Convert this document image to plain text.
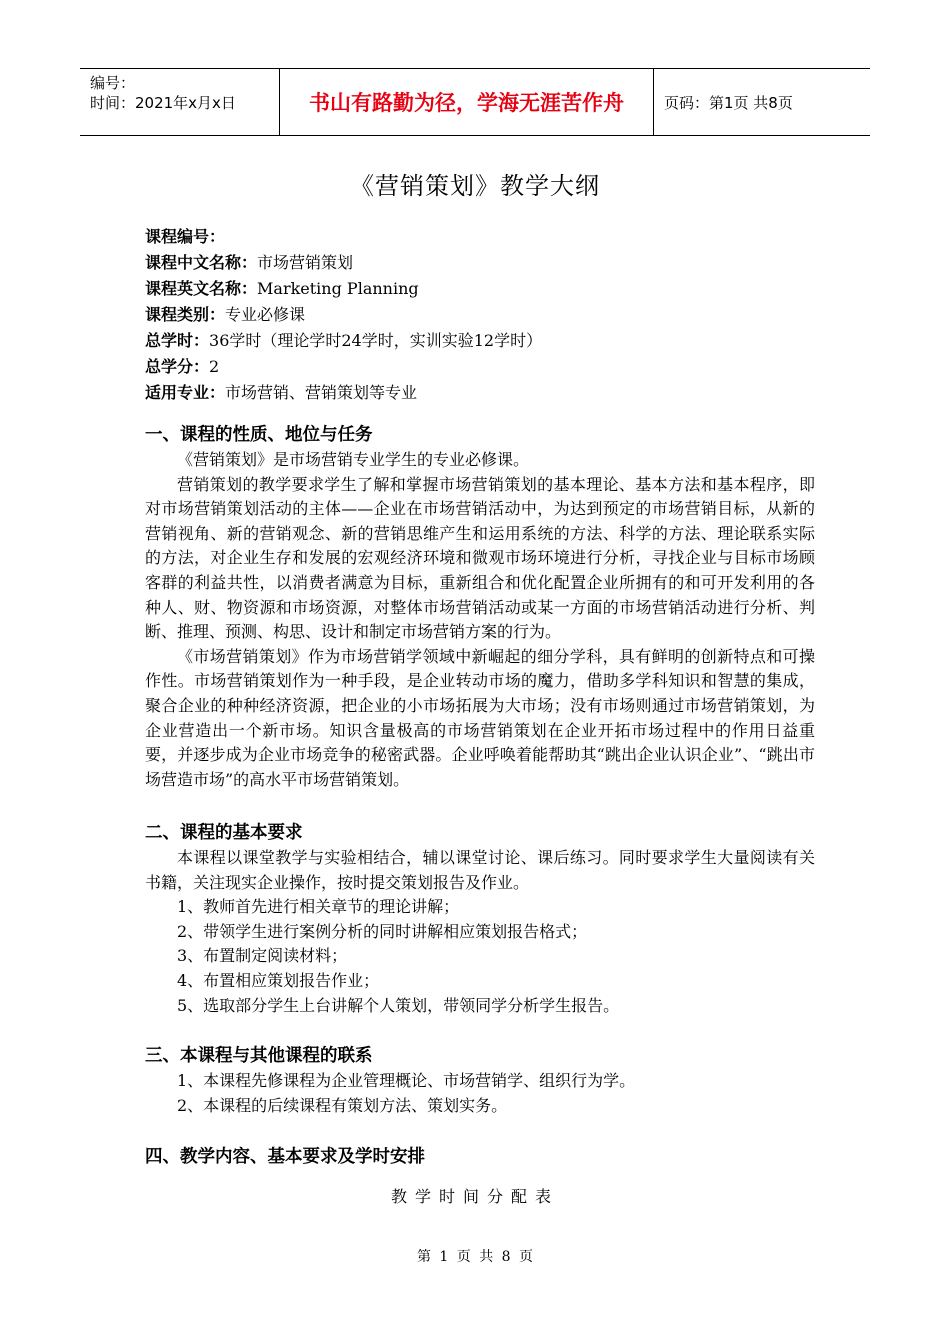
编号：
时间：2021年x月x日	书山有路勤为径，学海无涯苦作舟	页码：第1页 共8页
《营销策划》教学大纲
课程编号：
课程中文名称：市场营销策划
课程英文名称：Marketing Planning
课程类别：专业必修课
总学时：36学时（理论学时24学时，实训实验12学时）
总学分：2
适用专业：市场营销、营销策划等专业
一、课程的性质、地位与任务

《营销策划》是市场营销专业学生的专业必修课。

营销策划的教学要求学生了解和掌握市场营销策划的基本理论、基本方法和基本程序，即对市场营销策划活动的主体——企业在市场营销活动中，为达到预定的市场营销目标，从新的营销视角、新的营销观念、新的营销思维产生和运用系统的方法、科学的方法、理论联系实际的方法，对企业生存和发展的宏观经济环境和微观市场环境进行分析，寻找企业与目标市场顾客群的利益共性，以消费者满意为目标，重新组合和优化配置企业所拥有的和可开发利用的各种人、财、物资源和市场资源，对整体市场营销活动或某一方面的市场营销活动进行分析、判断、推理、预测、构思、设计和制定市场营销方案的行为。

《市场营销策划》作为市场营销学领域中新崛起的细分学科，具有鲜明的创新特点和可操作性。市场营销策划作为一种手段，是企业转动市场的魔力，借助多学科知识和智慧的集成，聚合企业的种种经济资源，把企业的小市场拓展为大市场；没有市场则通过市场营销策划，为企业营造出一个新市场。知识含量极高的市场营销策划在企业开拓市场过程中的作用日益重要，并逐步成为企业市场竞争的秘密武器。企业呼唤着能帮助其“跳出企业认识企业”、“跳出市场营造市场”的高水平市场营销策划。

二、课程的基本要求

本课程以课堂教学与实验相结合，辅以课堂讨论、课后练习。同时要求学生大量阅读有关书籍，关注现实企业操作，按时提交策划报告及作业。

1、教师首先进行相关章节的理论讲解；
2、带领学生进行案例分析的同时讲解相应策划报告格式；
3、布置制定阅读材料；
4、布置相应策划报告作业；
5、选取部分学生上台讲解个人策划，带领同学分析学生报告。
三、本课程与其他课程的联系
1、本课程先修课程为企业管理概论、市场营销学、组织行为学。
2、本课程的后续课程有策划方法、策划实务。
四、教学内容、基本要求及学时安排
教学时间分配表
第 1 页 共 8 页
